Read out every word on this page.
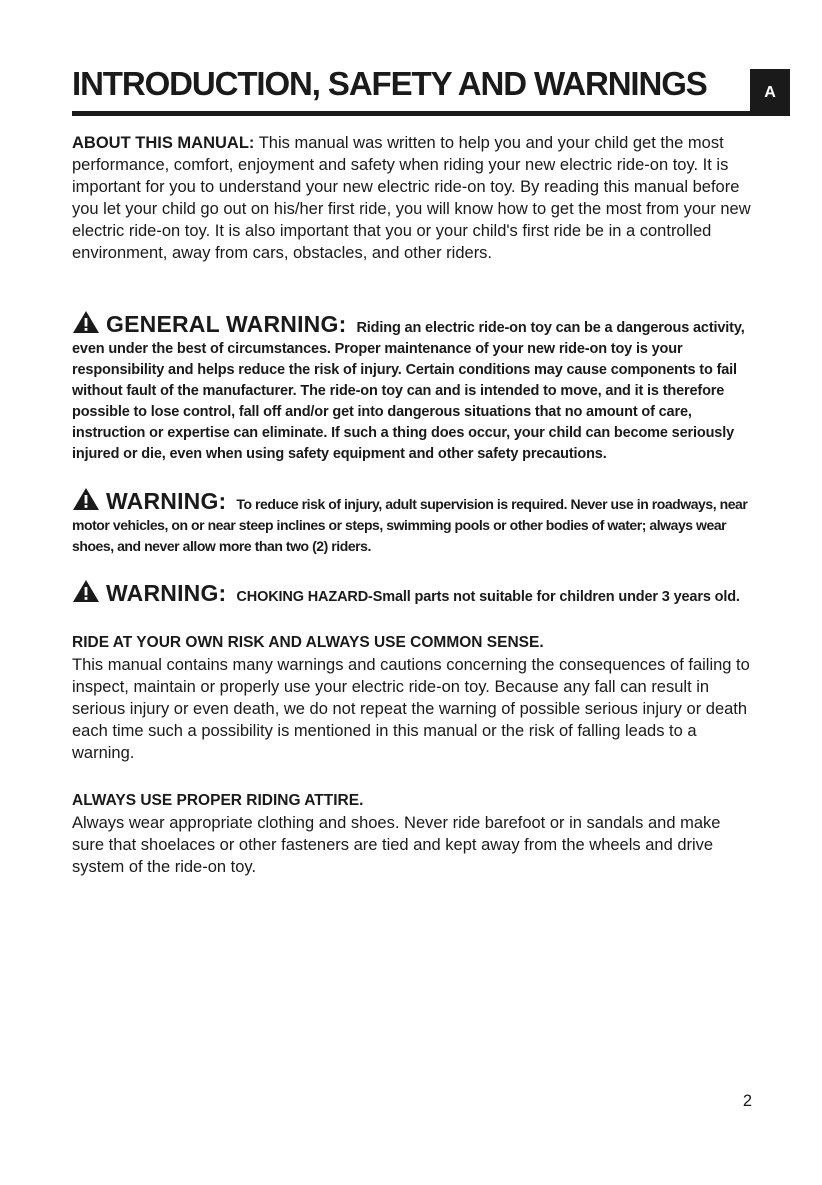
INTRODUCTION, SAFETY AND WARNINGS	A

ABOUT THIS MANUAL: This manual was written to help you and your child get the most performance, comfort, enjoyment and safety when riding your new electric ride-on toy. It is important for you to understand your new electric ride-on toy. By reading this manual before you let your child go out on his/her first ride, you will know how to get the most from your new electric ride-on toy. It is also important that you or your child's first ride be in a controlled environment, away from cars, obstacles, and other riders.

GENERAL WARNING: Riding an electric ride-on toy can be a dangerous activity, even under the best of circumstances. Proper maintenance of your new ride-on toy is your responsibility and helps reduce the risk of injury. Certain conditions may cause components to fail without fault of the manufacturer. The ride-on toy can and is intended to move, and it is therefore possible to lose control, fall off and/or get into dangerous situations that no amount of care, instruction or expertise can eliminate. If such a thing does occur, your child can become seriously injured or die, even when using safety equipment and other safety precautions.

WARNING: To reduce risk of injury, adult supervision is required. Never use in roadways, near motor vehicles, on or near steep inclines or steps, swimming pools or other bodies of water; always wear shoes, and never allow more than two (2) riders.

WARNING: CHOKING HAZARD-Small parts not suitable for children under 3 years old.

RIDE AT YOUR OWN RISK AND ALWAYS USE COMMON SENSE.

This manual contains many warnings and cautions concerning the consequences of failing to inspect, maintain or properly use your electric ride-on toy. Because any fall can result in serious injury or even death, we do not repeat the warning of possible serious injury or death each time such a possibility is mentioned in this manual or the risk of falling leads to a warning.

ALWAYS USE PROPER RIDING ATTIRE.

Always wear appropriate clothing and shoes. Never ride barefoot or in sandals and make sure that shoelaces or other fasteners are tied and kept away from the wheels and drive system of the ride-on toy.

2
